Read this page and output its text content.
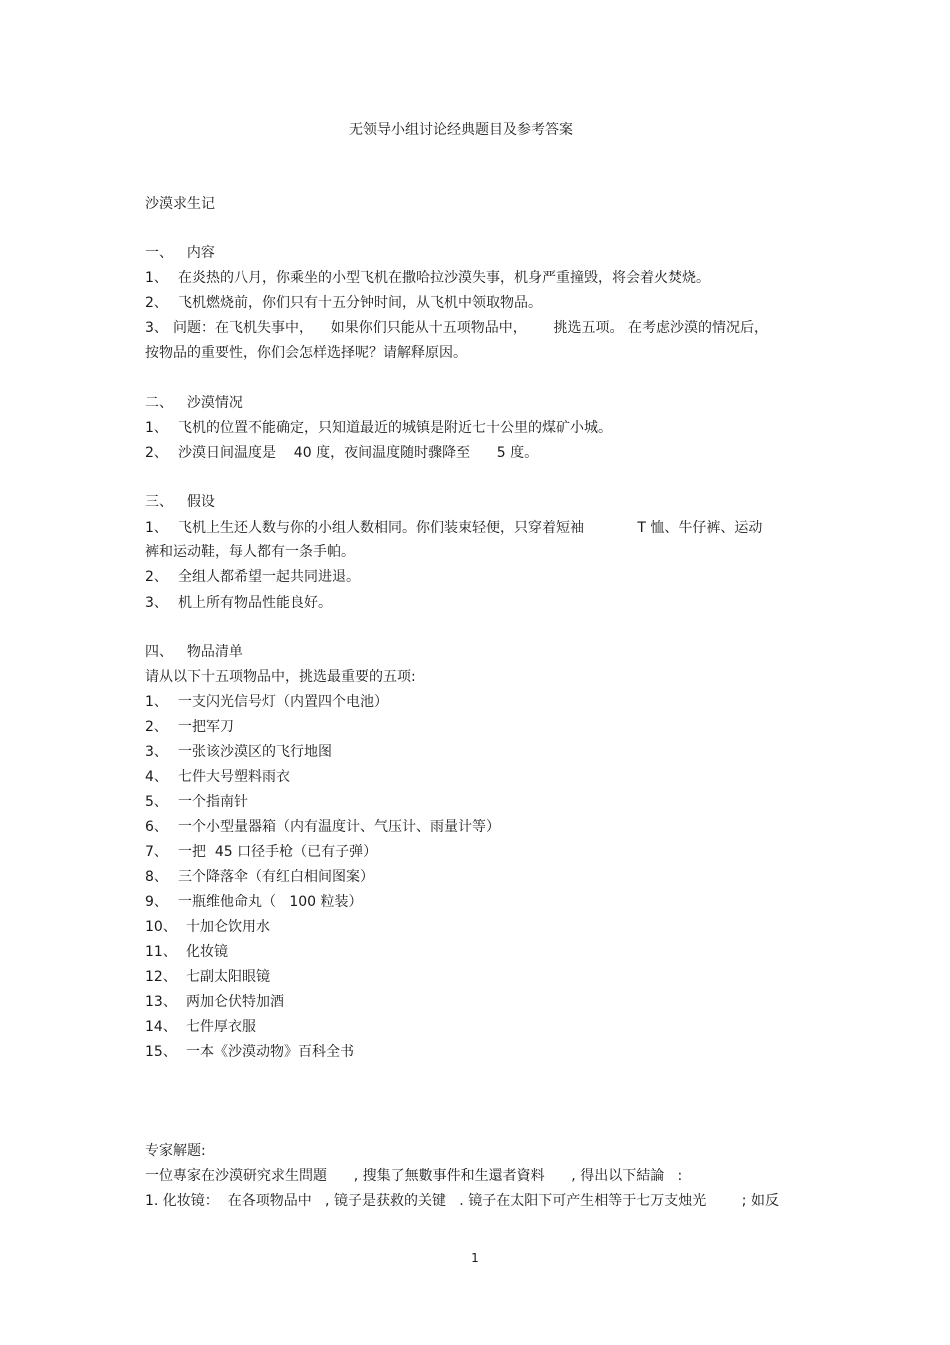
无领导小组讨论经典题目及参考答案
沙漠求生记
一、 内容
1、 在炎热的八月，你乘坐的小型飞机在撒哈拉沙漠失事，机身严重撞毁，将会着火焚烧。
2、 飞机燃烧前，你们只有十五分钟时间，从飞机中领取物品。
3、 问题：在飞机失事中，    如果你们只能从十五项物品中，      挑选五项。 在考虑沙漠的情况后，
按物品的重要性，你们会怎样选择呢？请解释原因。
二、 沙漠情况
1、 飞机的位置不能确定，只知道最近的城镇是附近七十公里的煤矿小城。
2、 沙漠日间温度是    40 度，夜间温度随时骤降至      5 度。
三、 假设
1、 飞机上生还人数与你的小组人数相同。你们装束轻便，只穿着短袖            T 恤、牛仔裤、运动
裤和运动鞋，每人都有一条手帕。
2、 全组人都希望一起共同进退。
3、 机上所有物品性能良好。
四、 物品清单
请从以下十五项物品中，挑选最重要的五项:
1、 一支闪光信号灯（内置四个电池）
2、 一把军刀
3、 一张该沙漠区的飞行地图
4、 七件大号塑料雨衣
5、 一个指南针
6、 一个小型量器箱（内有温度计、气压计、雨量计等）
7、 一把  45 口径手枪（已有子弹）
8、 三个降落伞（有红白相间图案）
9、 一瓶维他命丸（   100 粒装）
10、 十加仑饮用水
11、 化妆镜
12、 七副太阳眼镜
13、 两加仑伏特加酒
14、 七件厚衣服
15、 一本《沙漠动物》百科全书
专家解题:
一位專家在沙漠研究求生問題      , 搜集了無數事件和生還者資料      , 得出以下結論   :
1. 化妆镜：  在各项物品中   , 镜子是获救的关键   . 镜子在太阳下可产生相等于七万支烛光        ; 如反
1
